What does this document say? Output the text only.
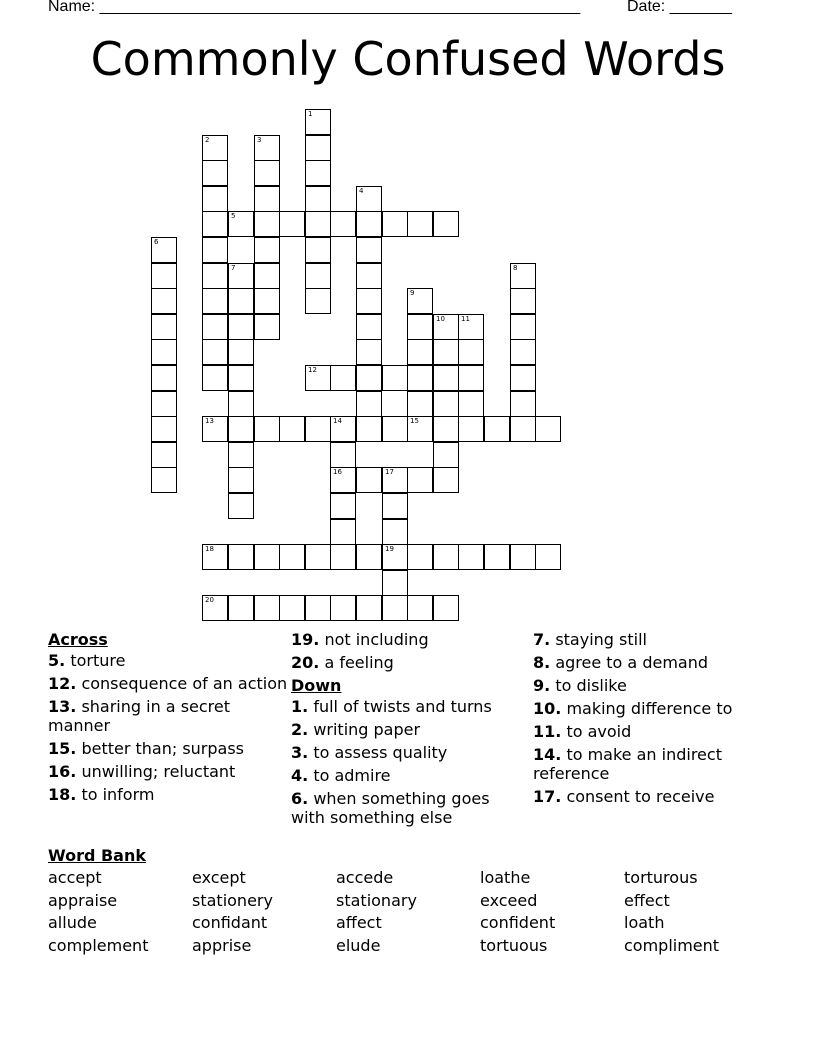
Name: ______________________________________________________	Date: _______
Commonly Confused Words
1
2	3
4
5
6
7	8
9
15
10 11
12
13	14
16	17
19
18
20
Across
5. torture
12. consequence of an action
13. sharing in a secret manner
15. better than; surpass
16. unwilling; reluctant
18. to inform
19. not including
20. a feeling
Down
1. full of twists and turns
2. writing paper
3. to assess quality
4. to admire
6. when something goes with something else
7. staying still
8. agree to a demand
9. to dislike
10. making difference to
11. to avoid
14. to make an indirect reference
17. consent to receive
Word Bank
accept	except	accede	loathe	torturous
appraise	stationery	stationary	exceed	effect
allude	confidant	affect	confident	loath
complement	apprise	elude	tortuous	compliment
